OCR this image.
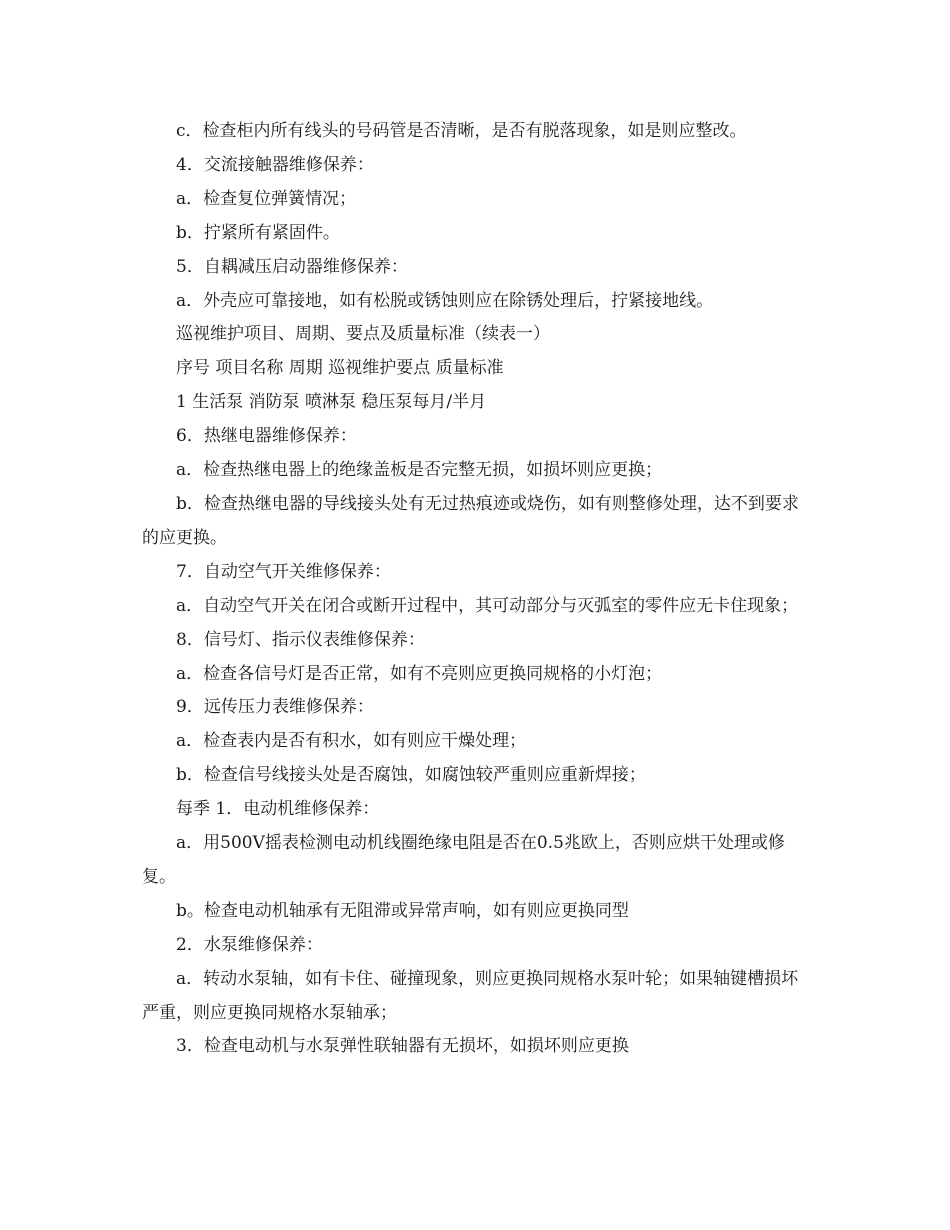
c．检查柜内所有线头的号码管是否清晰，是否有脱落现象，如是则应整改。

4．交流接触器维修保养：

a．检查复位弹簧情况；

b．拧紧所有紧固件。

5．自耦减压启动器维修保养：

a．外壳应可靠接地，如有松脱或锈蚀则应在除锈处理后，拧紧接地线。

巡视维护项目、周期、要点及质量标准（续表一）

序号 项目名称 周期 巡视维护要点 质量标准

1 生活泵 消防泵 喷淋泵 稳压泵每月/半月

6．热继电器维修保养：

a．检查热继电器上的绝缘盖板是否完整无损，如损坏则应更换；

b．检查热继电器的导线接头处有无过热痕迹或烧伤，如有则整修处理，达不到要求的应更换。

7．自动空气开关维修保养：

a．自动空气开关在闭合或断开过程中，其可动部分与灭弧室的零件应无卡住现象；

8．信号灯、指示仪表维修保养：

a．检查各信号灯是否正常，如有不亮则应更换同规格的小灯泡；

9．远传压力表维修保养：

a．检查表内是否有积水，如有则应干燥处理；

b．检查信号线接头处是否腐蚀，如腐蚀较严重则应重新焊接；

每季 1．电动机维修保养：

a．用500V摇表检测电动机线圈绝缘电阻是否在0.5兆欧上，否则应烘干处理或修复。

b。检查电动机轴承有无阻滞或异常声响，如有则应更换同型

2．水泵维修保养：

a．转动水泵轴，如有卡住、碰撞现象，则应更换同规格水泵叶轮；如果轴键槽损坏严重，则应更换同规格水泵轴承；

3．检查电动机与水泵弹性联轴器有无损坏，如损坏则应更换
